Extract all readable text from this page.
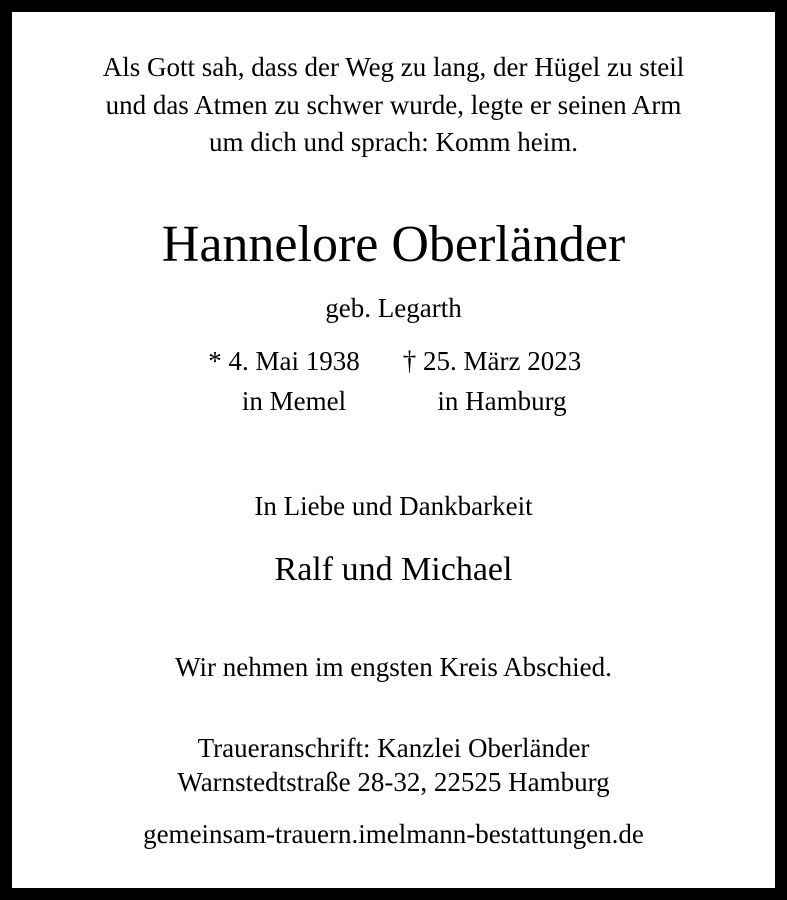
Als Gott sah, dass der Weg zu lang, der Hügel zu steil
und das Atmen zu schwer wurde, legte er seinen Arm
um dich und sprach: Komm heim.
Hannelore Oberländer
geb. Legarth
* 4. Mai 1938
in Memel
† 25. März 2023
in Hamburg
In Liebe und Dankbarkeit
Ralf und Michael
Wir nehmen im engsten Kreis Abschied.
Traueranschrift: Kanzlei Oberländer
Warnstedtstraße 28-32, 22525 Hamburg
gemeinsam-trauern.imelmann-bestattungen.de
